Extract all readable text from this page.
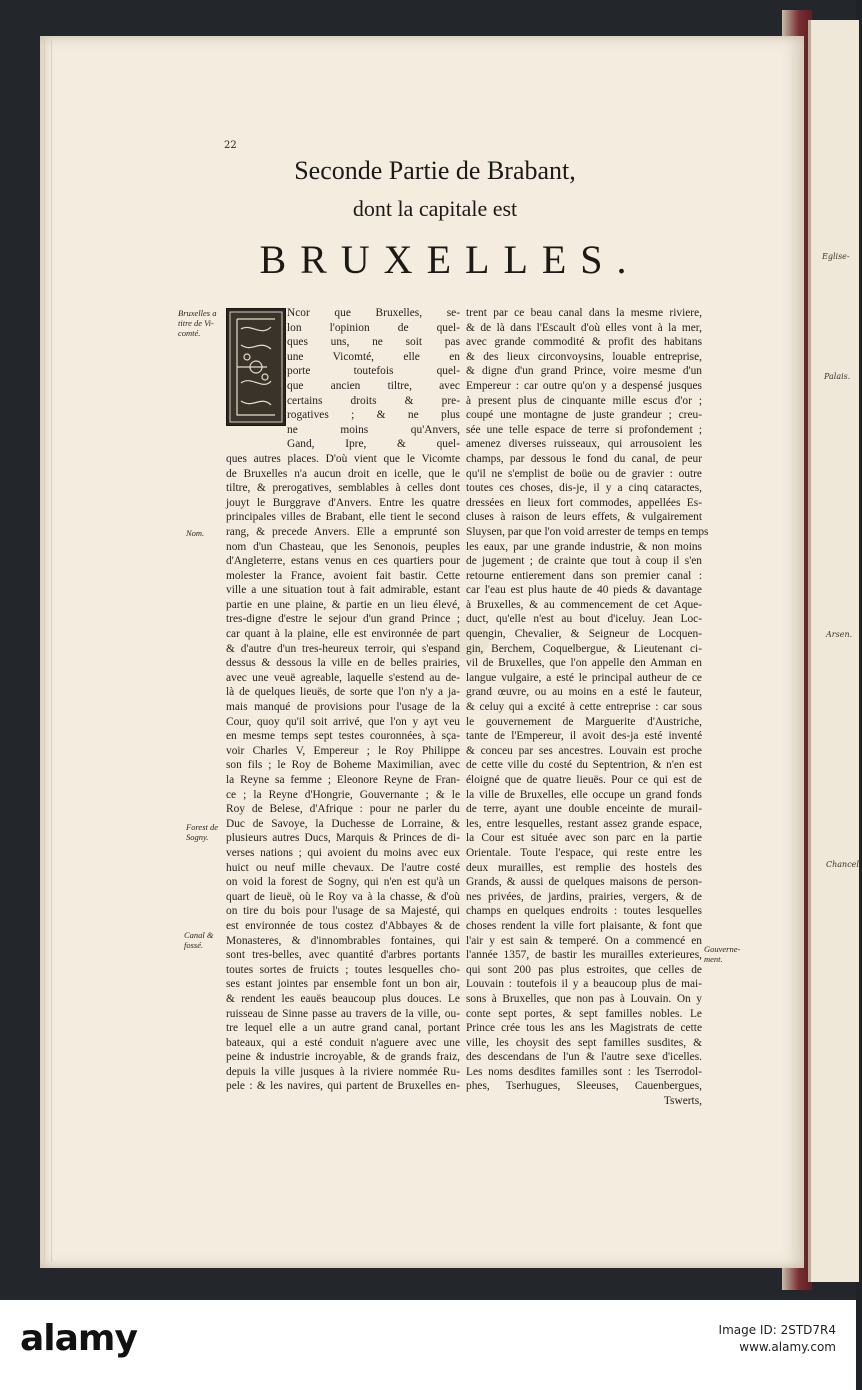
Eglise-
Palais.
Arsen.
Chancel-
22
Seconde Partie de Brabant,
dont la capitale est
BRUXELLES.
Bruxelles a titre de Vi-comté.
Nom.
Forest de Sogny.
Canal & fossé.	Gouverne-ment.
Ncor que Bruxelles, se-
lon l'opinion de quel-
ques uns, ne soit pas
une Vicomté, elle en
porte toutefois quel-
que ancien tiltre, avec
certains droits & pre-
rogatives ; & ne plus
ne moins qu'Anvers,
Gand, Ipre, & quel-
ques autres places. D'où vient que le Vicomte
de Bruxelles n'a aucun droit en icelle, que le
tiltre, & prerogatives, semblables à celles dont
jouyt le Burggrave d'Anvers. Entre les quatre
principales villes de Brabant, elle tient le second
rang, & precede Anvers. Elle a emprunté son
nom d'un Chasteau, que les Senonois, peuples
d'Angleterre, estans venus en ces quartiers pour
molester la France, avoient fait bastir. Cette
ville a une situation tout à fait admirable, estant
partie en une plaine, & partie en un lieu élevé,
tres-digne d'estre le sejour d'un grand Prince ;
car quant à la plaine, elle est environnée de part
& d'autre d'un tres-heureux terroir, qui s'espand
dessus & dessous la ville en de belles prairies,
avec une veuë agreable, laquelle s'estend au de-
là de quelques lieuës, de sorte que l'on n'y a ja-
mais manqué de provisions pour l'usage de la
Cour, quoy qu'il soit arrivé, que l'on y ayt veu
en mesme temps sept testes couronnées, à sça-
voir Charles V, Empereur ; le Roy Philippe
son fils ; le Roy de Boheme Maximilian, avec
la Reyne sa femme ; Eleonore Reyne de Fran-
ce ; la Reyne d'Hongrie, Gouvernante ; & le
Roy de Belese, d'Afrique : pour ne parler du
Duc de Savoye, la Duchesse de Lorraine, &
plusieurs autres Ducs, Marquis & Princes de di-
verses nations ; qui avoient du moins avec eux
huict ou neuf mille chevaux. De l'autre costé
on void la forest de Sogny, qui n'en est qu'à un
quart de lieuë, où le Roy va à la chasse, & d'où
on tire du bois pour l'usage de sa Majesté, qui
est environnée de tous costez d'Abbayes & de
Monasteres, & d'innombrables fontaines, qui
sont tres-belles, avec quantité d'arbres portants
toutes sortes de fruicts ; toutes lesquelles cho-
ses estant jointes par ensemble font un bon air,
& rendent les eauës beaucoup plus douces. Le
ruisseau de Sinne passe au travers de la ville, ou-
tre lequel elle a un autre grand canal, portant
bateaux, qui a esté conduit n'aguere avec une
peine & industrie incroyable, & de grands fraiz,
depuis la ville jusques à la riviere nommée Ru-
pele : & les navires, qui partent de Bruxelles en-
trent par ce beau canal dans la mesme riviere,
& de là dans l'Escault d'où elles vont à la mer,
avec grande commodité & profit des habitans
& des lieux circonvoysins, louable entreprise,
& digne d'un grand Prince, voire mesme d'un
Empereur : car outre qu'on y a despensé jusques
à present plus de cinquante mille escus d'or ;
coupé une montagne de juste grandeur ; creu-
sée une telle espace de terre si profondement ;
amenez diverses ruisseaux, qui arrousoient les
champs, par dessous le fond du canal, de peur
qu'il ne s'emplist de boüe ou de gravier : outre
toutes ces choses, dis-je, il y a cinq cataractes,
dressées en lieux fort commodes, appellées Es-
cluses à raison de leurs effets, & vulgairement
Sluysen, par que l'on void arrester de temps en temps
les eaux, par une grande industrie, & non moins
de jugement ; de crainte que tout à coup il s'en
retourne entierement dans son premier canal :
car l'eau est plus haute de 40 pieds & davantage
à Bruxelles, & au commencement de cet Aque-
duct, qu'elle n'est au bout d'iceluy. Jean Loc-
quengin, Chevalier, & Seigneur de Locquen-
gin, Berchem, Coquelbergue, & Lieutenant ci-
vil de Bruxelles, que l'on appelle den Amman en
langue vulgaire, a esté le principal autheur de ce
grand œuvre, ou au moins en a esté le fauteur,
& celuy qui a excité à cette entreprise : car sous
le gouvernement de Marguerite d'Austriche,
tante de l'Empereur, il avoit des-ja esté inventé
& conceu par ses ancestres. Louvain est proche
de cette ville du costé du Septentrion, & n'en est
éloigné que de quatre lieuës. Pour ce qui est de
la ville de Bruxelles, elle occupe un grand fonds
de terre, ayant une double enceinte de murail-
les, entre lesquelles, restant assez grande espace,
la Cour est située avec son parc en la partie
Orientale. Toute l'espace, qui reste entre les
deux murailles, est remplie des hostels des
Grands, & aussi de quelques maisons de person-
nes privées, de jardins, prairies, vergers, & de
champs en quelques endroits : toutes lesquelles
choses rendent la ville fort plaisante, & font que
l'air y est sain & temperé. On a commencé en
l'année 1357, de bastir les murailles exterieures,
qui sont 200 pas plus estroites, que celles de
Louvain : toutefois il y a beaucoup plus de mai-
sons à Bruxelles, que non pas à Louvain. On y
conte sept portes, & sept familles nobles. Le
Prince crée tous les ans les Magistrats de cette
ville, les choysit des sept familles susdites, &
des descendans de l'un & l'autre sexe d'icelles.
Les noms desdites familles sont : les Tserrodol-
phes, Tserhugues, Sleeuses, Cauenbergues,
Tswerts,
alamy	Image ID: 2STD7R4
www.alamy.com
